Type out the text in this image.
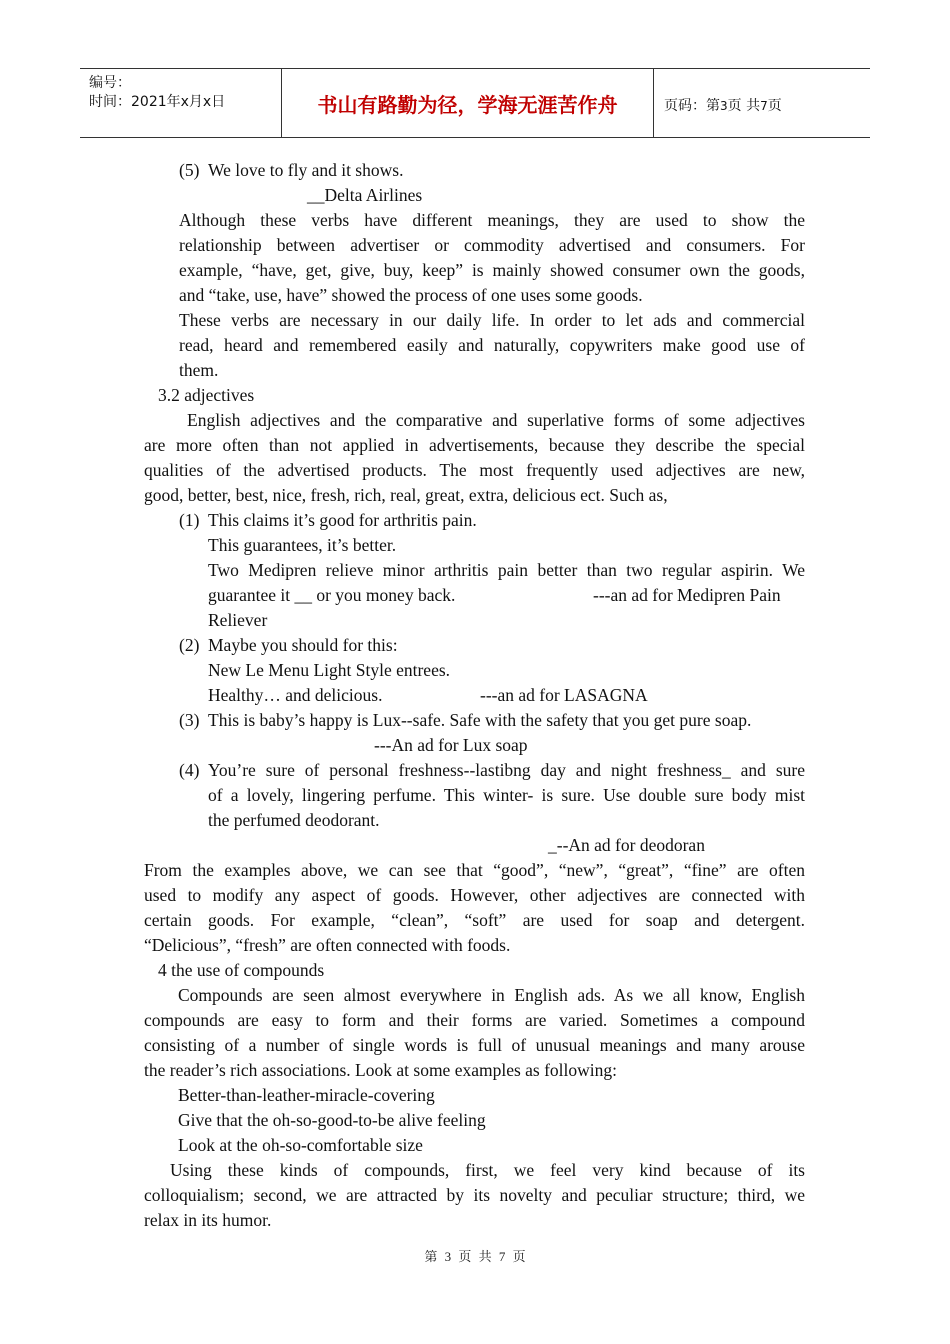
编号：
时间：2021年x月x日	书山有路勤为径，学海无涯苦作舟	页码：第3页 共7页
(5) We love to fly and it shows.
__Delta Airlines
Although these verbs have different meanings, they are used to show the
relationship between advertiser or commodity advertised and consumers. For
example, “have, get, give, buy, keep” is mainly showed consumer own the goods,
and “take, use, have” showed the process of one uses some goods.
These verbs are necessary in our daily life. In order to let ads and commercial
read, heard and remembered easily and naturally, copywriters make good use of
them.
3.2 adjectives
English adjectives and the comparative and superlative forms of some adjectives
are more often than not applied in advertisements, because they describe the special
qualities of the advertised products. The most frequently used adjectives are new,
good, better, best, nice, fresh, rich, real, great, extra, delicious ect. Such as,
(1) This claims it’s good for arthritis pain.
This guarantees, it’s better.
Two Medipren relieve minor arthritis pain better than two regular aspirin. We
guarantee it __ or you money back.	---an ad for Medipren Pain
Reliever
(2) Maybe you should for this:
New Le Menu Light Style entrees.
Healthy… and delicious.	---an ad for LASAGNA
(3) This is baby’s happy is Lux--safe. Safe with the safety that you get pure soap.
---An ad for Lux soap
(4) You’re sure of personal freshness--lastibng day and night freshness_ and sure
of a lovely, lingering perfume. This winter- is sure. Use double sure body mist
the perfumed deodorant.
_--An ad for deodoran
From the examples above, we can see that “good”, “new”, “great”, “fine” are often
used to modify any aspect of goods. However, other adjectives are connected with
certain goods. For example, “clean”, “soft” are used for soap and detergent.
“Delicious”, “fresh” are often connected with foods.
4 the use of compounds
Compounds are seen almost everywhere in English ads. As we all know, English
compounds are easy to form and their forms are varied. Sometimes a compound
consisting of a number of single words is full of unusual meanings and many arouse
the reader’s rich associations. Look at some examples as following:
Better-than-leather-miracle-covering
Give that the oh-so-good-to-be alive feeling
Look at the oh-so-comfortable size
Using these kinds of compounds, first, we feel very kind because of its
colloquialism; second, we are attracted by its novelty and peculiar structure; third, we
relax in its humor.
第 3 页 共 7 页
